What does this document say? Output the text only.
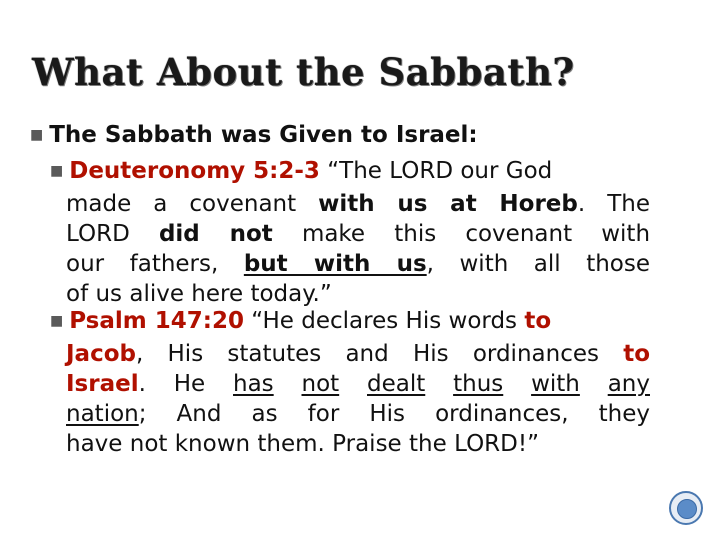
What About the Sabbath?
■ The Sabbath was Given to Israel:
■ Deuteronomy 5:2-3 “The LORD our God
made a covenant with us at Horeb. The
LORD did not make this covenant with
our fathers, but with us, with all those
of us alive here today.”
■ Psalm 147:20 “He declares His words to
Jacob, His statutes and His ordinances to
Israel. He has not dealt thus with any
nation; And as for His ordinances, they
have not known them. Praise the LORD!”
